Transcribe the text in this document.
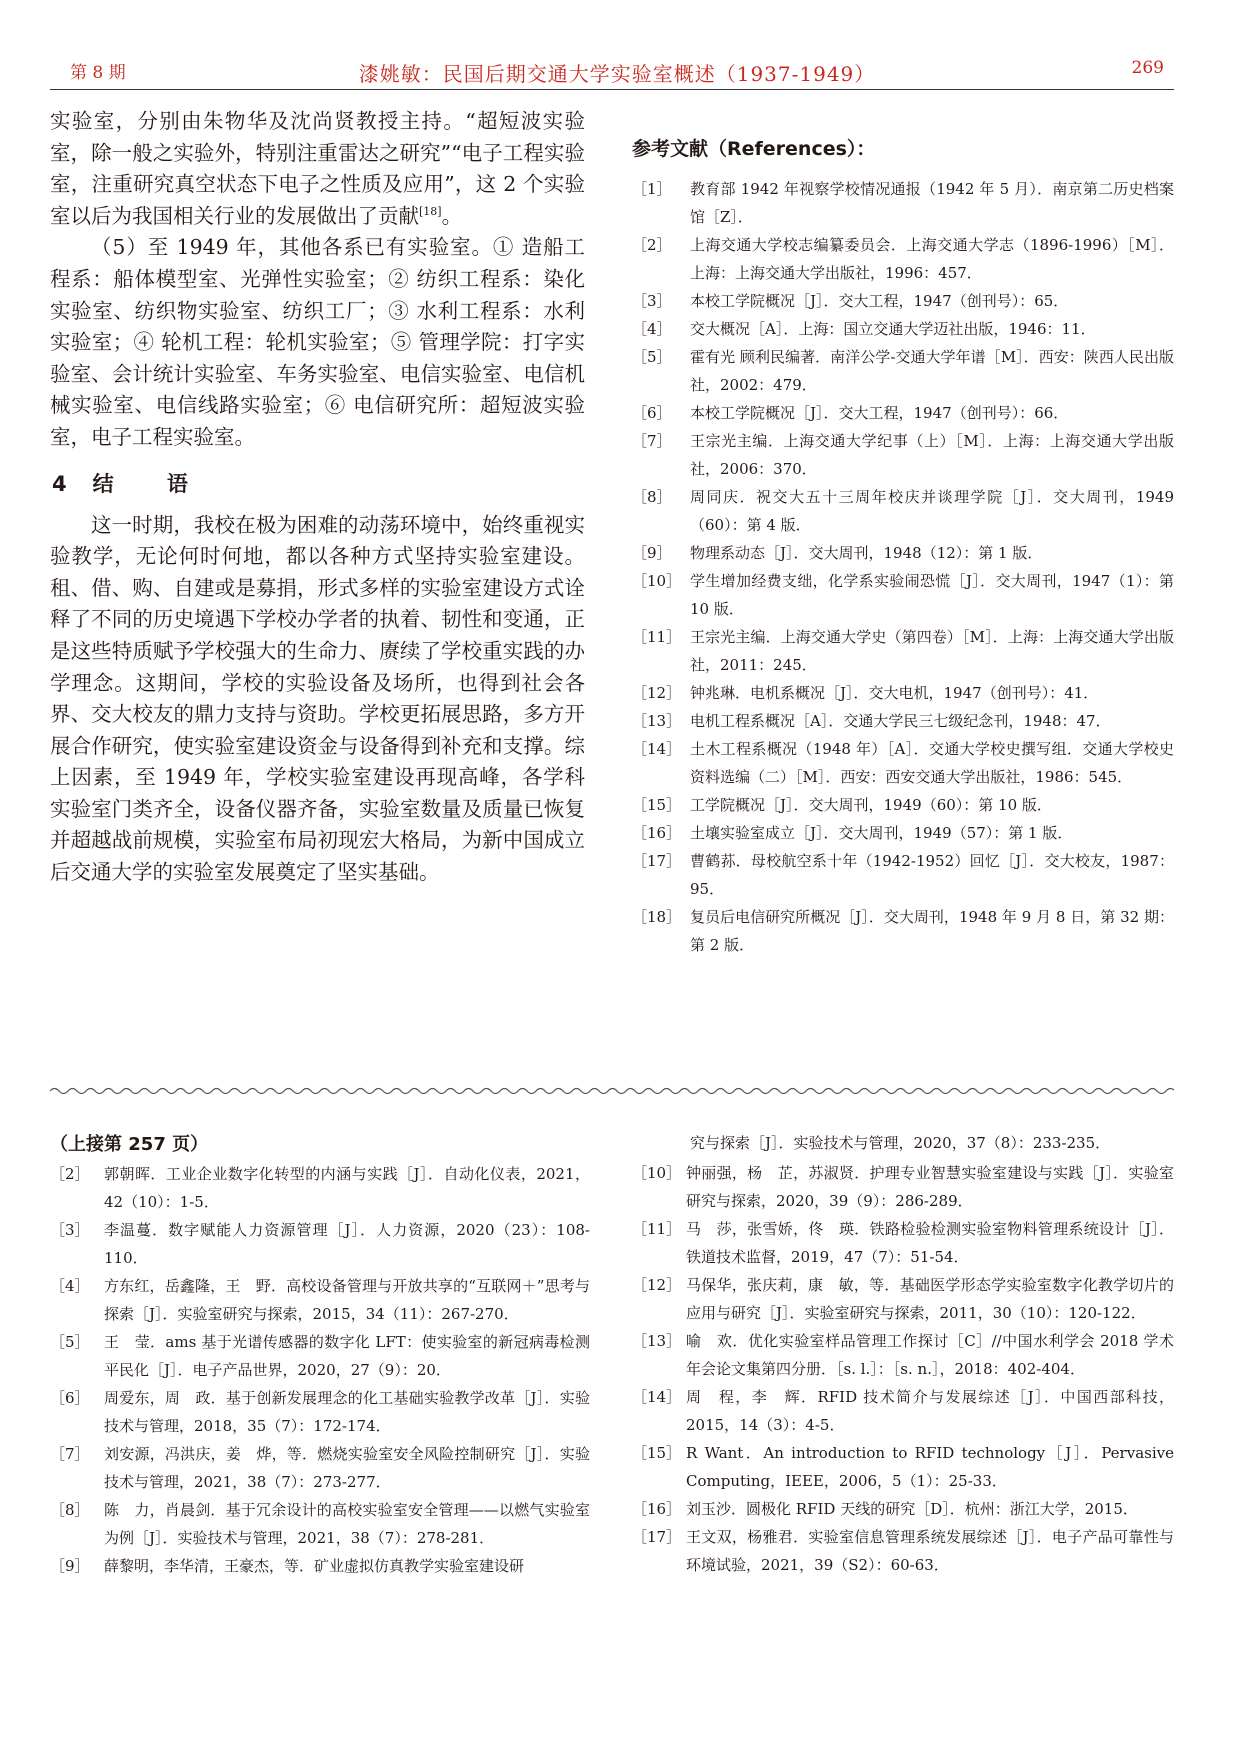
第 8 期	漆姚敏：民国后期交通大学实验室概述（1937-1949）	269

实验室，分别由朱物华及沈尚贤教授主持。“超短波实验室，除一般之实验外，特别注重雷达之研究”“电子工程实验室，注重研究真空状态下电子之性质及应用”，这 2 个实验室以后为我国相关行业的发展做出了贡献[18]。

（5）至 1949 年，其他各系已有实验室。① 造船工程系：船体模型室、光弹性实验室；② 纺织工程系：染化实验室、纺织物实验室、纺织工厂；③ 水利工程系：水利实验室；④ 轮机工程：轮机实验室；⑤ 管理学院：打字实验室、会计统计实验室、车务实验室、电信实验室、电信机械实验室、电信线路实验室；⑥ 电信研究所：超短波实验室，电子工程实验室。

4 结 语

这一时期，我校在极为困难的动荡环境中，始终重视实验教学，无论何时何地，都以各种方式坚持实验室建设。租、借、购、自建或是募捐，形式多样的实验室建设方式诠释了不同的历史境遇下学校办学者的执着、韧性和变通，正是这些特质赋予学校强大的生命力、赓续了学校重实践的办学理念。这期间，学校的实验设备及场所，也得到社会各界、交大校友的鼎力支持与资助。学校更拓展思路，多方开展合作研究，使实验室建设资金与设备得到补充和支撑。综上因素，至 1949 年，学校实验室建设再现高峰，各学科实验室门类齐全，设备仪器齐备，实验室数量及质量已恢复并超越战前规模，实验室布局初现宏大格局，为新中国成立后交通大学的实验室发展奠定了坚实基础。

参考文献（References）：
［1］	教育部 1942 年视察学校情况通报（1942 年 5 月）．南京第二历史档案馆［Z］．
［2］	上海交通大学校志编纂委员会．上海交通大学志（1896-1996）［M］．上海：上海交通大学出版社，1996：457．
［3］	本校工学院概况［J］．交大工程，1947（创刊号）：65．
［4］	交大概况［A］．上海：国立交通大学迈社出版，1946：11．
［5］	霍有光 顾利民编著．南洋公学-交通大学年谱［M］．西安：陕西人民出版社，2002：479．
［6］	本校工学院概况［J］．交大工程，1947（创刊号）：66．
［7］	王宗光主编．上海交通大学纪事（上）［M］．上海：上海交通大学出版社，2006：370．
［8］	周同庆．祝交大五十三周年校庆并谈理学院［J］．交大周刊，1949（60）：第 4 版．
［9］	物理系动态［J］．交大周刊，1948（12）：第 1 版．
［10］ 学生增加经费支绌，化学系实验闹恐慌［J］．交大周刊，1947（1）：第 10 版．
［11］ 王宗光主编．上海交通大学史（第四卷）［M］．上海：上海交通大学出版社，2011：245．
［12］ 钟兆琳．电机系概况［J］．交大电机，1947（创刊号）：41．
［13］ 电机工程系概况［A］．交通大学民三七级纪念刊，1948：47．
［14］ 土木工程系概况（1948 年）［A］．交通大学校史撰写组．交通大学校史资料选编（二）［M］．西安：西安交通大学出版社，1986：545．
［15］ 工学院概况［J］．交大周刊，1949（60）：第 10 版．
［16］ 土壤实验室成立［J］．交大周刊，1949（57）：第 1 版．
［17］ 曹鹤荪．母校航空系十年（1942-1952）回忆［J］．交大校友，1987：95．
［18］ 复员后电信研究所概况［J］．交大周刊，1948 年 9 月 8 日，第 32 期：第 2 版．
（上接第 257 页）
［2］ 郭朝晖．工业企业数字化转型的内涵与实践［J］．自动化仪表，2021，42（10）：1-5．
［3］ 李温蔓．数字赋能人力资源管理［J］．人力资源，2020（23）：108-110．
［4］ 方东红，岳鑫隆，王　野．高校设备管理与开放共享的“互联网＋”思考与探索［J］．实验室研究与探索，2015，34（11）：267-270．
［5］ 王　莹．ams 基于光谱传感器的数字化 LFT：使实验室的新冠病毒检测平民化［J］．电子产品世界，2020，27（9）：20．
［6］ 周爱东，周　政．基于创新发展理念的化工基础实验教学改革［J］．实验技术与管理，2018，35（7）：172-174．
［7］ 刘安源，冯洪庆，姜　烨，等．燃烧实验室安全风险控制研究［J］．实验技术与管理，2021，38（7）：273-277．
［8］ 陈　力，肖晨剑．基于冗余设计的高校实验室安全管理——以燃气实验室为例［J］．实验技术与管理，2021，38（7）：278-281．
［9］ 薛黎明，李华清，王豪杰，等．矿业虚拟仿真教学实验室建设研
究与探索［J］．实验技术与管理，2020，37（8）：233-235．
［10］ 钟丽强，杨　芷，苏淑贤．护理专业智慧实验室建设与实践［J］．实验室研究与探索，2020，39（9）：286-289．
［11］ 马　莎，张雪娇，佟　瑛．铁路检验检测实验室物料管理系统设计［J］．铁道技术监督，2019，47（7）：51-54．
［12］ 马保华，张庆莉，康　敏，等．基础医学形态学实验室数字化教学切片的应用与研究［J］．实验室研究与探索，2011，30（10）：120-122．
［13］ 喻　欢．优化实验室样品管理工作探讨［C］//中国水利学会 2018 学术年会论文集第四分册．［s. l.］：［s. n.］，2018：402-404．
［14］ 周　程，李　辉．RFID 技术简介与发展综述［J］．中国西部科技，2015，14（3）：4-5．
［15］ R Want．An introduction to RFID technology［J］．Pervasive Computing，IEEE，2006，5（1）：25-33．
［16］ 刘玉沙．圆极化 RFID 天线的研究［D］．杭州：浙江大学，2015．
［17］ 王文双，杨雅君．实验室信息管理系统发展综述［J］．电子产品可靠性与环境试验，2021，39（S2）：60-63．
